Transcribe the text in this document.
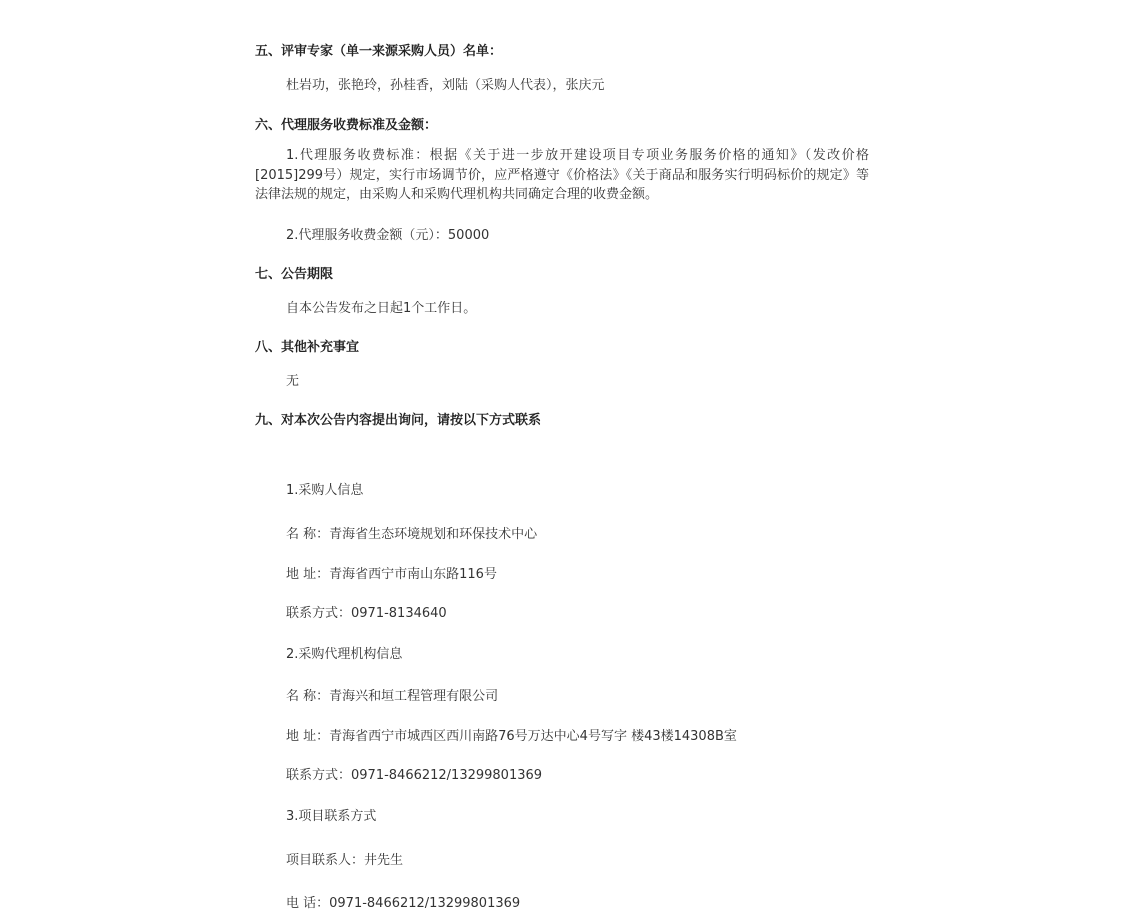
五、评审专家（单一来源采购人员）名单：
杜岩功，张艳玲，孙桂香，刘陆（采购人代表），张庆元
六、代理服务收费标准及金额：
1.代理服务收费标准：根据《关于进一步放开建设项目专项业务服务价格的通知》（发改价格[2015]299号）规定，实行市场调节价，应严格遵守《价格法》《关于商品和服务实行明码标价的规定》等法律法规的规定，由采购人和采购代理机构共同确定合理的收费金额。
2.代理服务收费金额（元）：50000
七、公告期限
自本公告发布之日起1个工作日。
八、其他补充事宜
无
九、对本次公告内容提出询问，请按以下方式联系
1.采购人信息
名 称：青海省生态环境规划和环保技术中心
地 址：青海省西宁市南山东路116号
联系方式：0971-8134640
2.采购代理机构信息
名 称：青海兴和垣工程管理有限公司
地 址：青海省西宁市城西区西川南路76号万达中心4号写字 楼43楼14308B室
联系方式：0971-8466212/13299801369
3.项目联系方式
项目联系人：井先生
电 话：0971-8466212/13299801369
